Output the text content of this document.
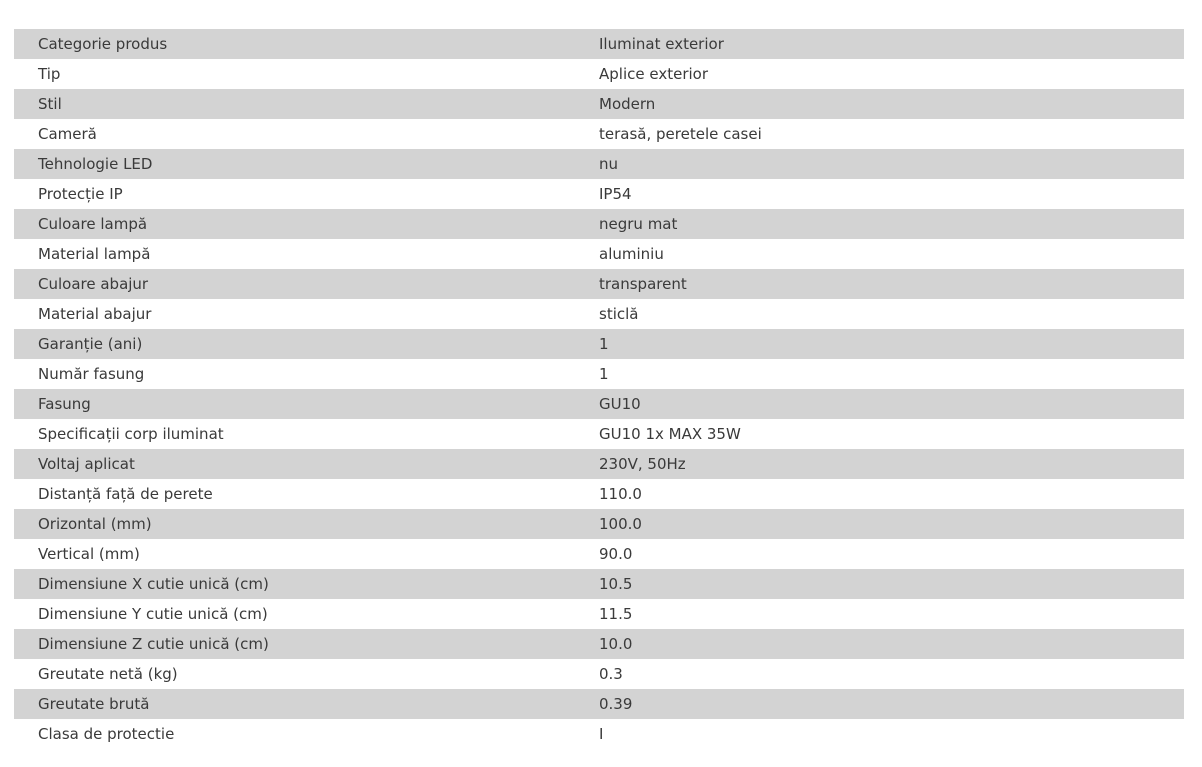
Categorie produs	Iluminat exterior
Tip	Aplice exterior
Stil	Modern
Cameră	terasă, peretele casei
Tehnologie LED	nu
Protecție IP	IP54
Culoare lampă	negru mat
Material lampă	aluminiu
Culoare abajur	transparent
Material abajur	sticlă
Garanție (ani)	1
Număr fasung	1
Fasung	GU10
Specificații corp iluminat	GU10 1x MAX 35W
Voltaj aplicat	230V, 50Hz
Distanță față de perete	110.0
Orizontal (mm)	100.0
Vertical (mm)	90.0
Dimensiune X cutie unică (cm)	10.5
Dimensiune Y cutie unică (cm)	11.5
Dimensiune Z cutie unică (cm)	10.0
Greutate netă (kg)	0.3
Greutate brută	0.39
Clasa de protectie	I
